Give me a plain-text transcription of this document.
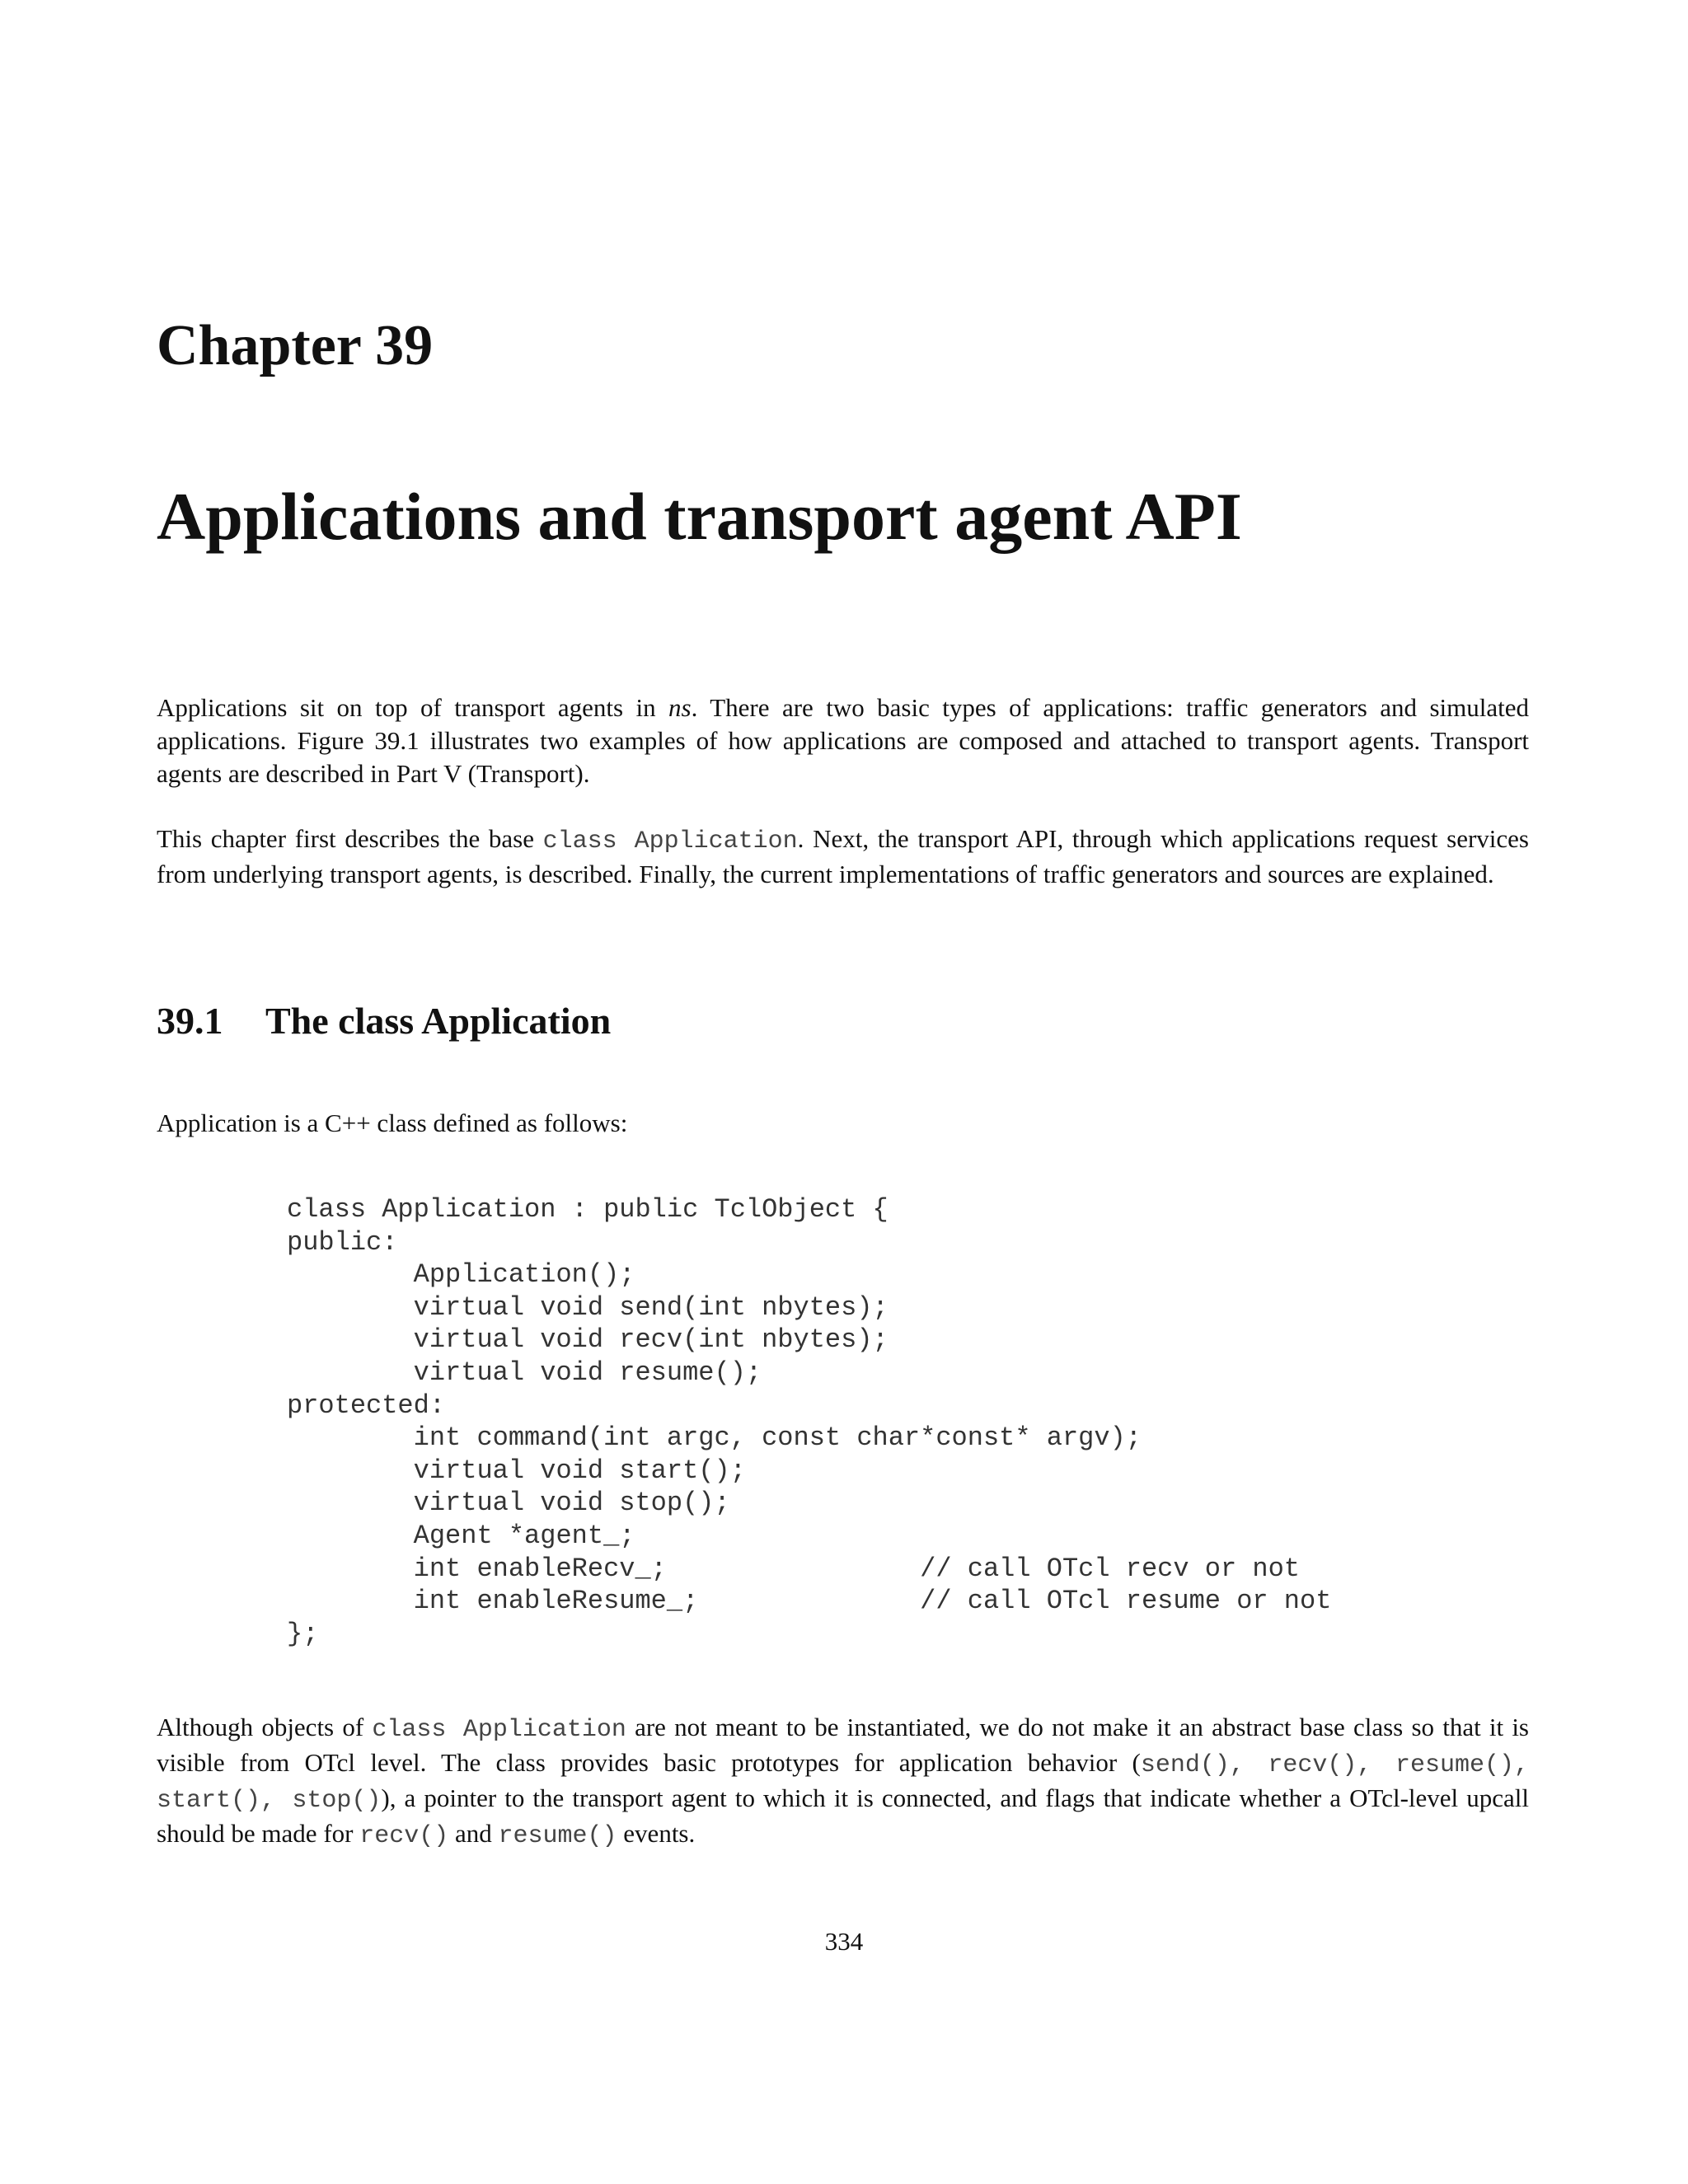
Chapter 39
Applications and transport agent API

Applications sit on top of transport agents in ns. There are two basic types of applications: traffic generators and simulated applications. Figure 39.1 illustrates two examples of how applications are composed and attached to transport agents. Transport agents are described in Part V (Transport).

This chapter first describes the base class Application. Next, the transport API, through which applications request services from underlying transport agents, is described. Finally, the current implementations of traffic generators and sources are explained.

39.1 The class Application

Application is a C++ class defined as follows:

class Application : public TclObject {
public:
Application();
virtual void send(int nbytes);
virtual void recv(int nbytes);
virtual void resume();
protected:
int command(int argc, const char*const* argv);
virtual void start();
virtual void stop();
Agent *agent_;
int enableRecv_;                // call OTcl recv or not
int enableResume_;              // call OTcl resume or not
};

Although objects of class Application are not meant to be instantiated, we do not make it an abstract base class so that it is visible from OTcl level. The class provides basic prototypes for application behavior (send(), recv(), resume(), start(), stop()), a pointer to the transport agent to which it is connected, and flags that indicate whether a OTcl-level upcall should be made for recv() and resume() events.

334
